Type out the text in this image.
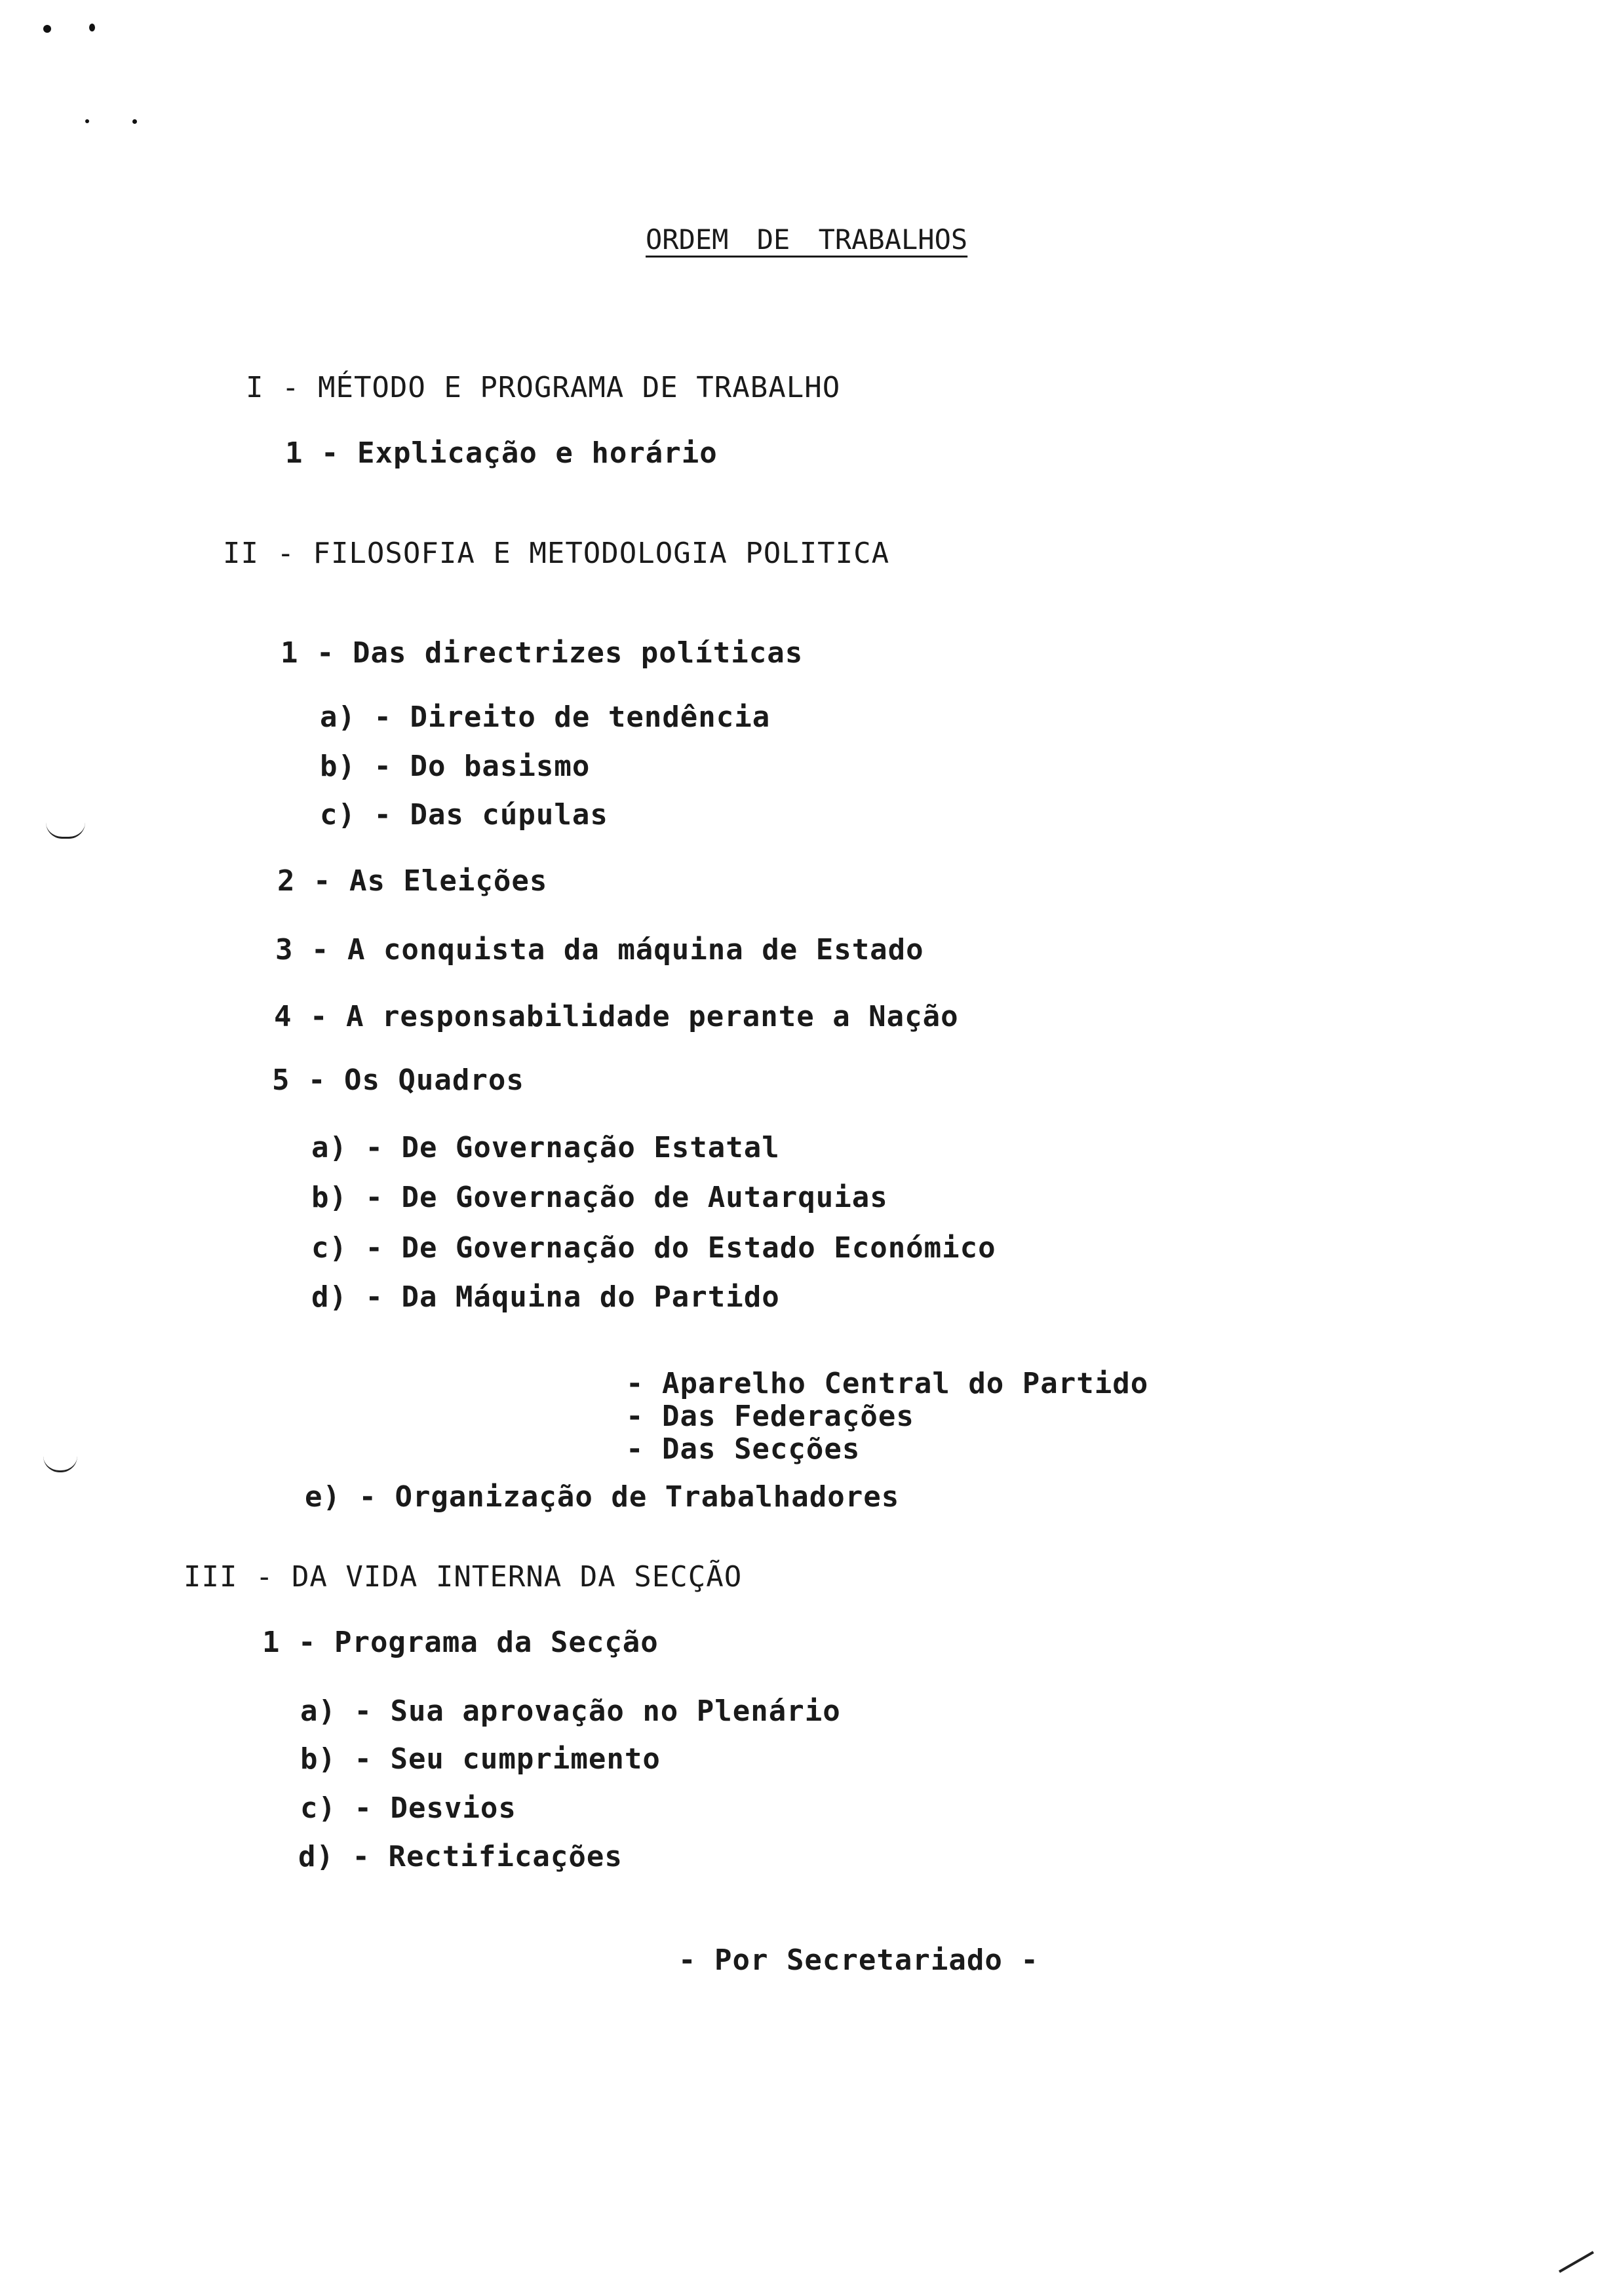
ORDEM DE TRABALHOS
I - MÉTODO E PROGRAMA DE TRABALHO
1 - Explicação e horário
II - FILOSOFIA E METODOLOGIA POLITICA
1 - Das directrizes políticas
a) - Direito de tendência
b) - Do basismo
c) - Das cúpulas
2 - As Eleições
3 - A conquista da máquina de Estado
4 - A responsabilidade perante a Nação
5 - Os Quadros
a) - De Governação Estatal
b) - De Governação de Autarquias
c) - De Governação do Estado Económico
d) - Da Máquina do Partido
- Aparelho Central do Partido
- Das Federações
- Das Secções
e) - Organização de Trabalhadores
III - DA VIDA INTERNA DA SECÇÃO
1 - Programa da Secção
a) - Sua aprovação no Plenário
b) - Seu cumprimento
c) - Desvios
d) - Rectificações
- Por Secretariado -
